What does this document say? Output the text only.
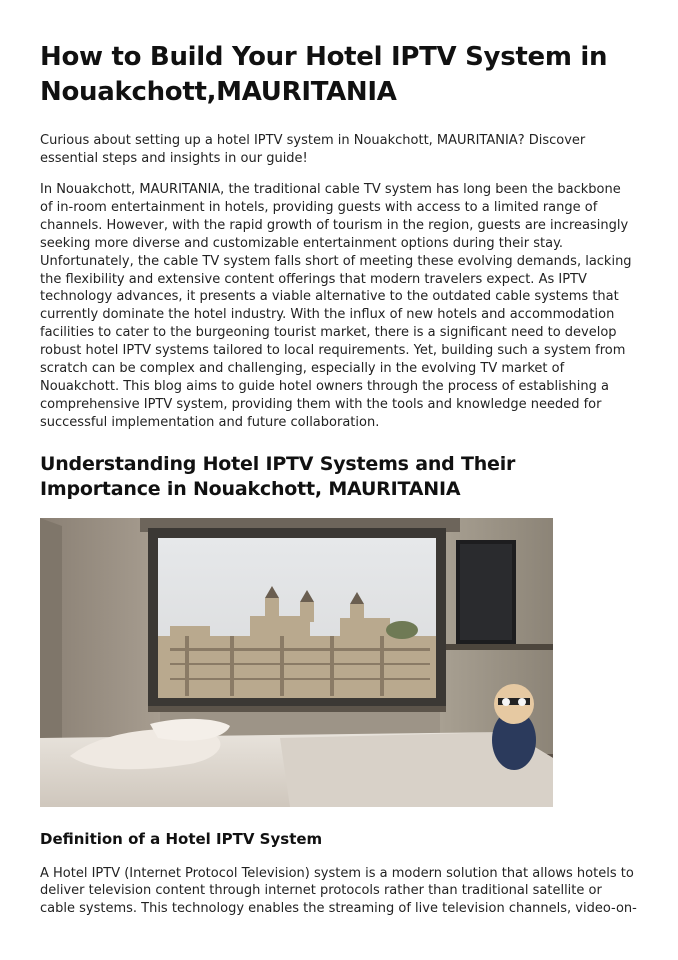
How to Build Your Hotel IPTV System in Nouakchott,MAURITANIA

Curious about setting up a hotel IPTV system in Nouakchott, MAURITANIA? Discover essential steps and insights in our guide!

In Nouakchott, MAURITANIA, the traditional cable TV system has long been the backbone of in-room entertainment in hotels, providing guests with access to a limited range of channels. However, with the rapid growth of tourism in the region, guests are increasingly seeking more diverse and customizable entertainment options during their stay. Unfortunately, the cable TV system falls short of meeting these evolving demands, lacking the flexibility and extensive content offerings that modern travelers expect. As IPTV technology advances, it presents a viable alternative to the outdated cable systems that currently dominate the hotel industry. With the influx of new hotels and accommodation facilities to cater to the burgeoning tourist market, there is a significant need to develop robust hotel IPTV systems tailored to local requirements. Yet, building such a system from scratch can be complex and challenging, especially in the evolving TV market of Nouakchott. This blog aims to guide hotel owners through the process of establishing a comprehensive IPTV system, providing them with the tools and knowledge needed for successful implementation and future collaboration.

Understanding Hotel IPTV Systems and Their Importance in Nouakchott, MAURITANIA
Definition of a Hotel IPTV System

A Hotel IPTV (Internet Protocol Television) system is a modern solution that allows hotels to deliver television content through internet protocols rather than traditional satellite or cable systems. This technology enables the streaming of live television channels, video-on-
